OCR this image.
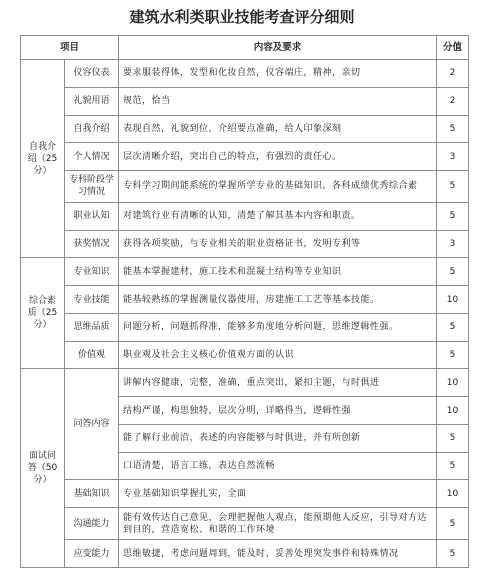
建筑水利类职业技能考查评分细则
项目		内容及要求	分值
自我介绍（25分）	仪容仪表	要求服装得体，发型和化妆自然，仪容端庄，精神，亲切	2
	礼貌用语	规范，恰当	2
	自我介绍	表现自然，礼貌到位，介绍要点准确，给人印象深刻	5
	个人情况	层次清晰介绍，突出自己的特点，有强烈的责任心。	3
	专科阶段学习情况	专科学习期间能系统的掌握所学专业的基础知识，各科成绩优秀综合素	5
	职业认知	对建筑行业有清晰的认知，清楚了解其基本内容和职责。	5
	获奖情况	获得各项奖励，与专业相关的职业资格证书，发明专利等	3
综合素质（25分）	专业知识	能基本掌握建材，施工技术和混凝土结构等专业知识	5
	专业技能	能基较熟练的掌握测量仪器使用，房建施工工艺等基本技能。	10
	思维品质	问题分析，问题抓得准，能够多角度地分析问题，思维逻辑性强。	5
	价值观	职业观及社会主义核心价值观方面的认识	5
面试问答（50分）	问答内容	讲解内容健康，完整，准确，重点突出，紧扣主题，与时俱进	10
		结构严谨，构思独特，层次分明，详略得当，逻辑性强	10
		能了解行业前沿，表述的内容能够与时俱进，并有所创新	5
		口语清楚，语言工练，表达自然流畅	5
	基础知识	专业基础知识掌握扎实，全面	10
	沟通能力	能有效传达自己意见，会理把握他人观点，能预期他人反应，引导对方达到目的，营造宽松、和谐的工作环境	5
	应变能力	思维敏捷，考虑问题周到，能及时、妥善处理突发事件和特殊情况	5
